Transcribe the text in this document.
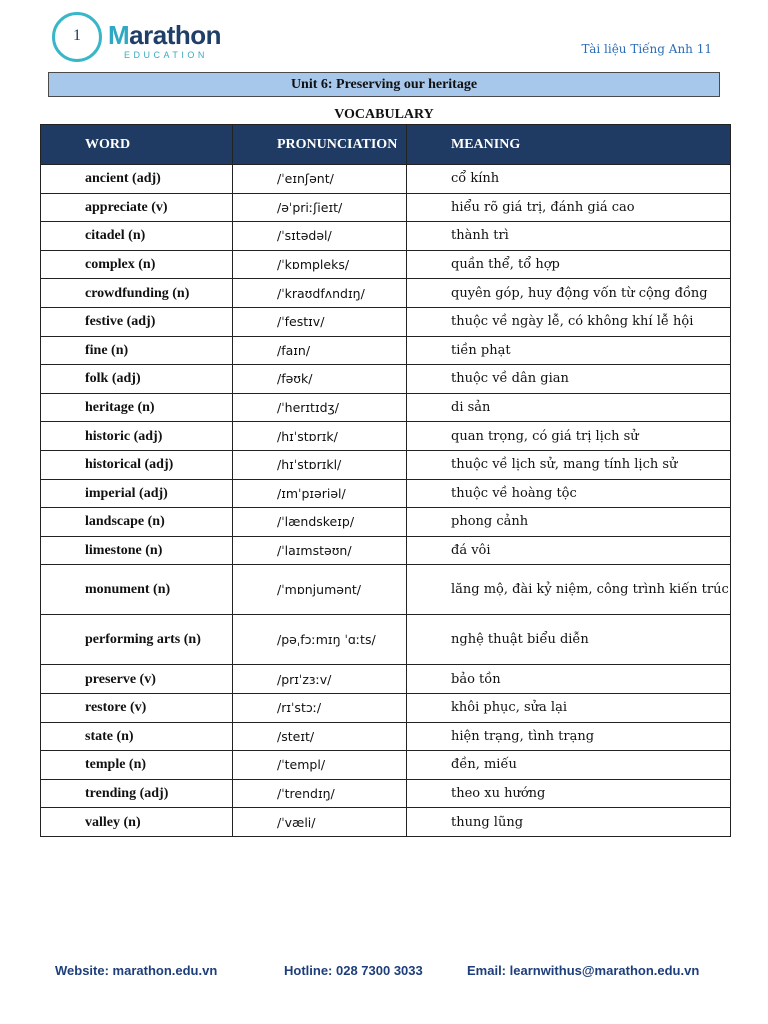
1	Marathon
EDUCATION	Tài liệu Tiếng Anh 11
Unit 6: Preserving our heritage
VOCABULARY
WORD	PRONUNCIATION	MEANING

ancient (adj)	/ˈeɪnʃənt/	cổ kính

appreciate (v)	/əˈpriːʃieɪt/	hiểu rõ giá trị, đánh giá cao

citadel (n)	/ˈsɪtədəl/	thành trì

complex (n)	/ˈkɒmpleks/	quần thể, tổ hợp

crowdfunding (n)	/ˈkraʊdfʌndɪŋ/	quyên góp, huy động vốn từ cộng đồng

festive (adj)	/ˈfestɪv/	thuộc về ngày lễ, có không khí lễ hội

fine (n)	/faɪn/	tiền phạt

folk (adj)	/fəʊk/	thuộc về dân gian

heritage (n)	/ˈherɪtɪdʒ/	di sản

historic (adj)	/hɪˈstɒrɪk/	quan trọng, có giá trị lịch sử

historical (adj)	/hɪˈstɒrɪkl/	thuộc về lịch sử, mang tính lịch sử

imperial (adj)	/ɪmˈpɪəriəl/	thuộc về hoàng tộc

landscape (n)	/ˈlændskeɪp/	phong cảnh

limestone (n)	/ˈlaɪmstəʊn/	đá vôi

monument (n)	/ˈmɒnjumənt/	lăng mộ, đài kỷ niệm, công trình kiến trúc

performing arts (n)	/pəˌfɔːmɪŋ ˈɑːts/	nghệ thuật biểu diễn

preserve (v)	/prɪˈzɜːv/	bảo tồn

restore (v)	/rɪˈstɔː/	khôi phục, sửa lại

state (n)	/steɪt/	hiện trạng, tình trạng

temple (n)	/ˈtempl/	đền, miếu

trending (adj)	/ˈtrendɪŋ/	theo xu hướng

valley (n)	/ˈvæli/	thung lũng
Website: marathon.edu.vn	Hotline: 028 7300 3033	Email: learnwithus@marathon.edu.vn
